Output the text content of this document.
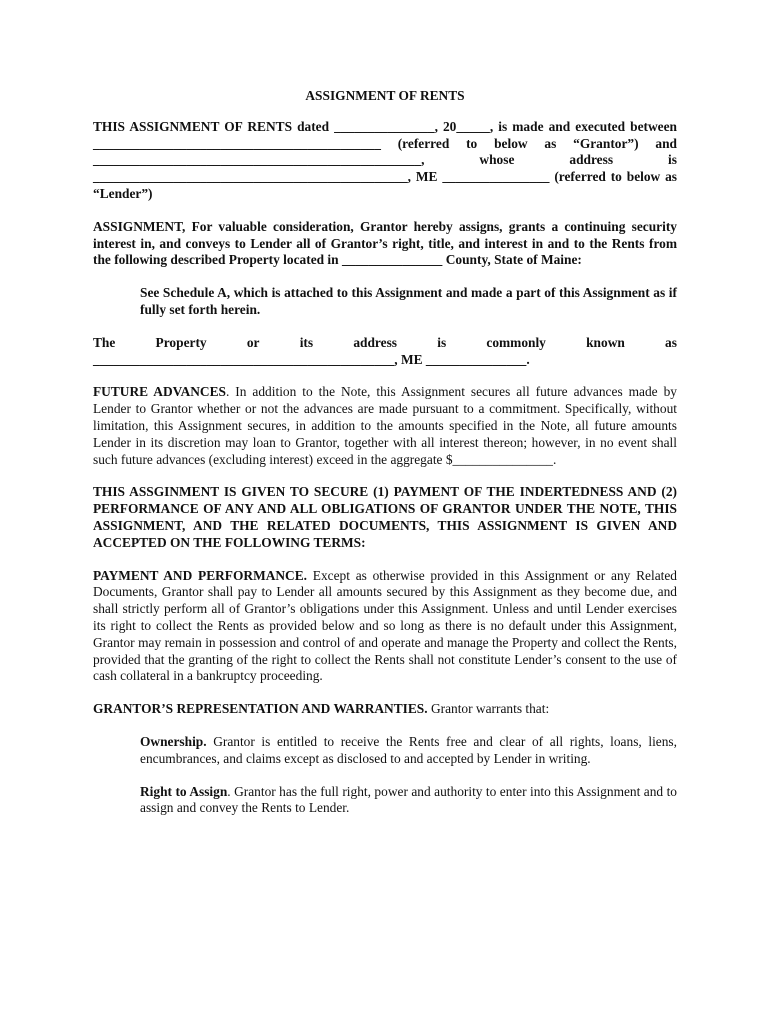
ASSIGNMENT OF RENTS

THIS ASSIGNMENT OF RENTS dated _______________, 20_____, is made and executed between ___________________________________________ (referred to below as “Grantor”) and _________________________________________________, whose address is _______________________________________________, ME ________________ (referred to below as “Lender”)

ASSIGNMENT, For valuable consideration, Grantor hereby assigns, grants a continuing security interest in, and conveys to Lender all of Grantor’s right, title, and interest in and to the Rents from the following described Property located in _______________ County, State of Maine:

See Schedule A, which is attached to this Assignment and made a part of this Assignment as if fully set forth herein.

The	Property	or	its	address	is	commonly	known	as
_____________________________________________, ME _______________.

FUTURE ADVANCES. In addition to the Note, this Assignment secures all future advances made by Lender to Grantor whether or not the advances are made pursuant to a commitment. Specifically, without limitation, this Assignment secures, in addition to the amounts specified in the Note, all future amounts Lender in its discretion may loan to Grantor, together with all interest thereon; however, in no event shall such future advances (excluding interest) exceed in the aggregate $_______________.

THIS ASSGINMENT IS GIVEN TO SECURE (1) PAYMENT OF THE INDERTEDNESS AND (2) PERFORMANCE OF ANY AND ALL OBLIGATIONS OF GRANTOR UNDER THE NOTE, THIS ASSIGNMENT, AND THE RELATED DOCUMENTS, THIS ASSIGNMENT IS GIVEN AND ACCEPTED ON THE FOLLOWING TERMS:

PAYMENT AND PERFORMANCE. Except as otherwise provided in this Assignment or any Related Documents, Grantor shall pay to Lender all amounts secured by this Assignment as they become due, and shall strictly perform all of Grantor’s obligations under this Assignment. Unless and until Lender exercises its right to collect the Rents as provided below and so long as there is no default under this Assignment, Grantor may remain in possession and control of and operate and manage the Property and collect the Rents, provided that the granting of the right to collect the Rents shall not constitute Lender’s consent to the use of cash collateral in a bankruptcy proceeding.

GRANTOR’S REPRESENTATION AND WARRANTIES. Grantor warrants that:

Ownership. Grantor is entitled to receive the Rents free and clear of all rights, loans, liens, encumbrances, and claims except as disclosed to and accepted by Lender in writing.

Right to Assign. Grantor has the full right, power and authority to enter into this Assignment and to assign and convey the Rents to Lender.
